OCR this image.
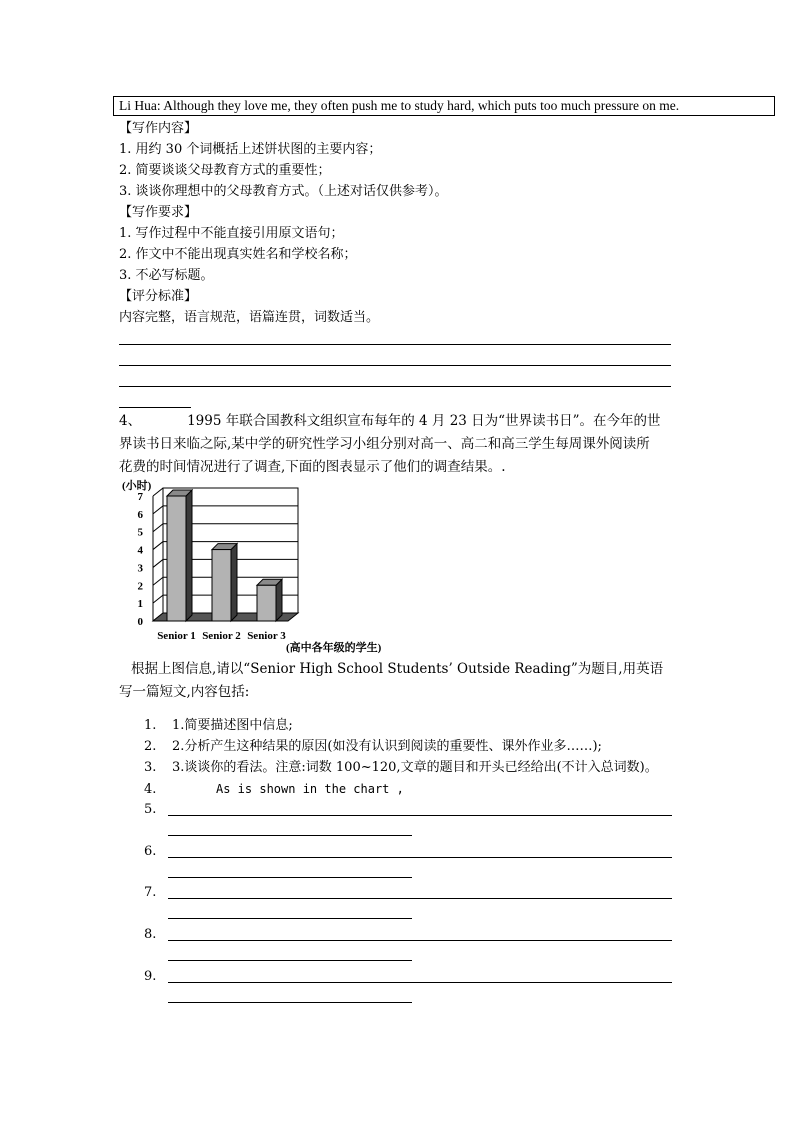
Li Hua: Although they love me, they often push me to study hard, which puts too much pressure on me.
【写作内容】
1. 用约 30 个词概括上述饼状图的主要内容；
2. 简要谈谈父母教育方式的重要性；
3. 谈谈你理想中的父母教育方式。（上述对话仅供参考）。
【写作要求】
1. 写作过程中不能直接引用原文语句；
2. 作文中不能出现真实姓名和学校名称；
3. 不必写标题。
【评分标准】
内容完整，语言规范，语篇连贯，词数适当。
4、	1995 年联合国教科文组织宣布每年的 4 月 23 日为“世界读书日”。在今年的世
界读书日来临之际,某中学的研究性学习小组分别对高一、高二和高三学生每周课外阅读所
花费的时间情况进行了调查,下面的图表显示了他们的调查结果。.
0
1
2
3
4
5
6
7
Senior 1 Senior 2 Senior 3
(小时)
(高中各年级的学生)
根据上图信息,请以“Senior High School Students’ Outside Reading”为题目,用英语
写一篇短文,内容包括:
1. 1.简要描述图中信息;
2. 2.分析产生这种结果的原因(如没有认识到阅读的重要性、课外作业多……);
3. 3.谈谈你的看法。注意:词数 100~120,文章的题目和开头已经给出(不计入总词数)。
4.	As is shown in the chart ,
5.
6.
7.
8.
9.
